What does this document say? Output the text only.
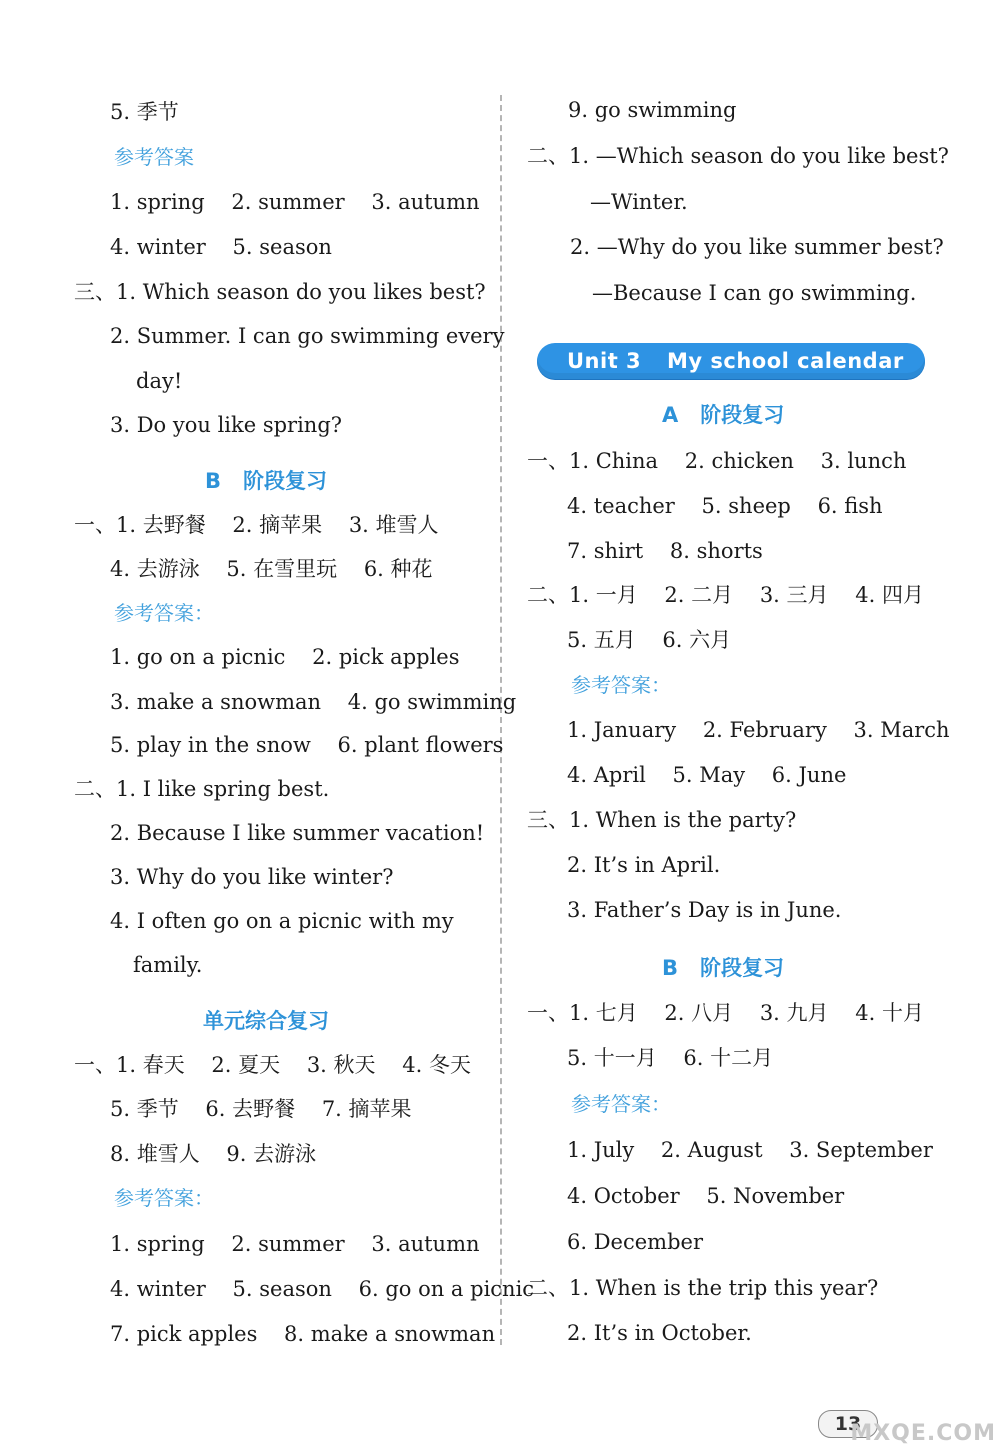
5. 季节
参考答案
1. spring    2. summer    3. autumn
4. winter    5. season
三、1. Which season do you likes best?
2. Summer. I can go swimming every
day!
3. Do you like spring?
一、1. 去野餐    2. 摘苹果    3. 堆雪人
4. 去游泳    5. 在雪里玩    6. 种花
参考答案：
1. go on a picnic    2. pick apples
3. make a snowman    4. go swimming
5. play in the snow    6. plant flowers
二、1. I like spring best.
2. Because I like summer vacation!
3. Why do you like winter?
4. I often go on a picnic with my
family.
一、1. 春天    2. 夏天    3. 秋天    4. 冬天
5. 季节    6. 去野餐    7. 摘苹果
8. 堆雪人    9. 去游泳
参考答案：
1. spring    2. summer    3. autumn
4. winter    5. season    6. go on a picnic
7. pick apples    8. make a snowman
B 阶段复习
单元综合复习
9. go swimming
二、1. —Which season do you like best?
—Winter.
2. —Why do you like summer best?
—Because I can go swimming.
一、1. China    2. chicken    3. lunch
4. teacher    5. sheep    6. fish
7. shirt    8. shorts
二、1. 一月    2. 二月    3. 三月    4. 四月
5. 五月    6. 六月
参考答案：
1. January    2. February    3. March
4. April    5. May    6. June
三、1. When is the party?
2. It’s in April.
3. Father’s Day is in June.
一、1. 七月    2. 八月    3. 九月    4. 十月
5. 十一月    6. 十二月
参考答案：
1. July    2. August    3. September
4. October    5. November
6. December
二、1. When is the trip this year?
2. It’s in October.
A 阶段复习
B 阶段复习
Unit 3 My school calendar
13
MXQE.COM
